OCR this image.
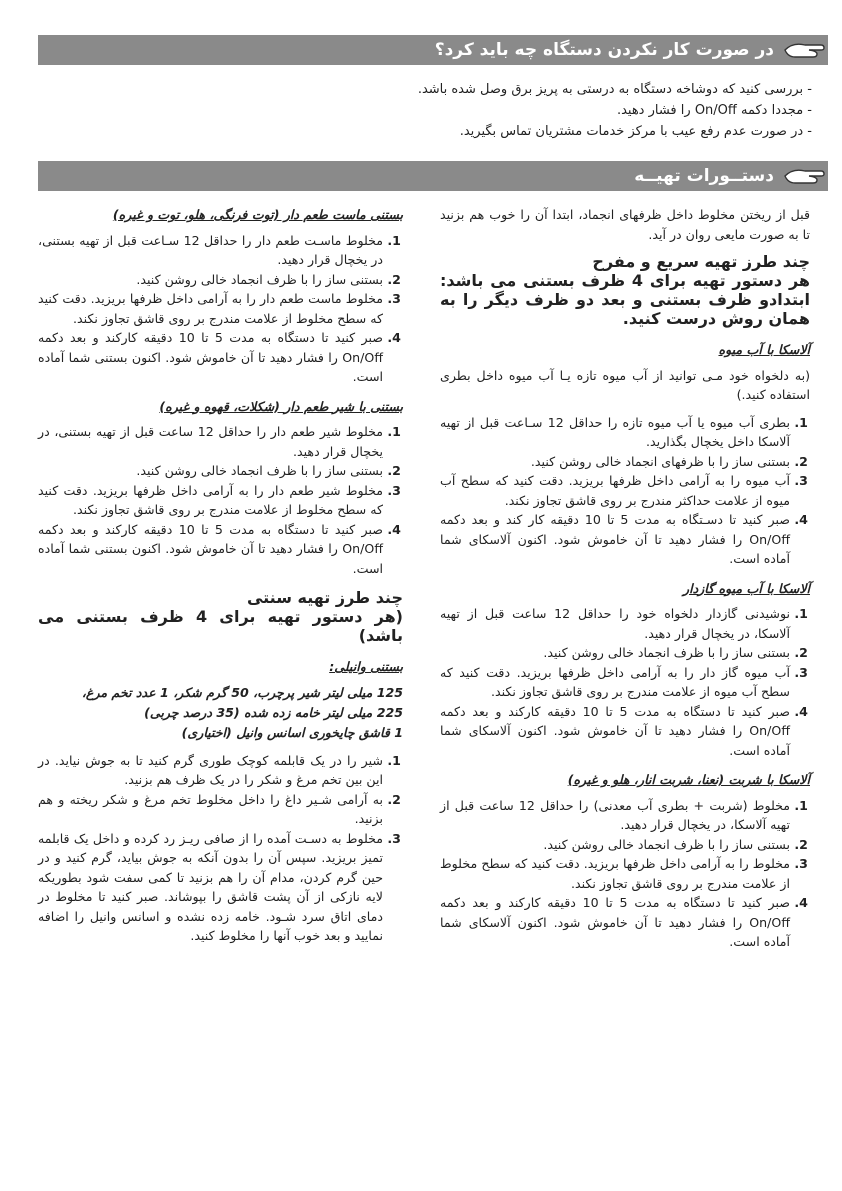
در صورت کار نکردن دستگاه چه باید کرد؟
- بررسی کنید که دوشاخه دستگاه به درستی به پریز برق وصل شده باشد.
- مجددا دکمه On/Off را فشار دهید.
- در صورت عدم رفع عیب با مرکز خدمات مشتریان تماس بگیرید.
دستــورات تهیــه

قبل از ریختن مخلوط داخل ظرفهای انجماد، ابتدا آن را خوب هم بزنید تا به صورت مایعی روان در آید.

چند طرز تهیه سریع و مفرح
هر دستور تهیه برای 4 ظرف بستنی می باشد: ابتدادو ظرف بستنی و بعد دو ظرف دیگر را به همان روش درست کنید.
آلاسکا با آب میوه

(به دلخواه خود مـی توانید از آب میوه تازه یـا آب میوه داخل بطری استفاده کنید.)

1. بطری آب میوه یا آب میوه تازه را حداقل 12 سـاعت قبل از تهیه آلاسکا داخل یخچال بگذارید.
2. بستنی ساز را با ظرفهای انجماد خالی روشن کنید.
3. آب میوه را به آرامی داخل ظرفها بریزید. دقت کنید که سطح آب میوه از علامت حداکثر مندرج بر روی قاشق تجاوز نکند.
4. صبر کنید تا دسـتگاه به مدت 5 تا 10 دقیقه کار کند و بعد دکمه On/Off را فشار دهید تا آن خاموش شود. اکنون آلاسکای شما آماده است.
آلاسکا با آب میوه گازدار
1. نوشیدنی گازدار دلخواه خود را حداقل 12 ساعت قبل از تهیه آلاسکا، در یخچال قرار دهید.
2. بستنی ساز را با ظرف انجماد خالی روشن کنید.
3. آب میوه گاز دار را به آرامی داخل ظرفها بریزید. دقت کنید که سطح آب میوه از علامت مندرج بر روی قاشق تجاوز نکند.
4. صبر کنید تا دستگاه به مدت 5 تا 10 دقیقه کارکند و بعد دکمه On/Off را فشار دهید تا آن خاموش شود. اکنون آلاسکای شما آماده است.
آلاسکا با شربت (نعنا، شربت انار، هلو و غیره)
1. مخلوط (شربت + بطری آب معدنی) را حداقل 12 ساعت قبل از تهیه آلاسکا، در یخچال قرار دهید.
2. بستنی ساز را با ظرف انجماد خالی روشن کنید.
3. مخلوط را به آرامی داخل ظرفها بریزید. دقت کنید که سطح مخلوط از علامت مندرج بر روی قاشق تجاوز نکند.
4. صبر کنید تا دستگاه به مدت 5 تا 10 دقیقه کارکند و بعد دکمه On/Off را فشار دهید تا آن خاموش شود. اکنون آلاسکای شما آماده است.
بستنی ماست طعم دار (توت فرنگی، هلو، توت و غیره)
1. مخلوط ماسـت طعم دار را حداقل 12 سـاعت قبل از تهیه بستنی، در یخچال قرار دهید.
2. بستنی ساز را با ظرف انجماد خالی روشن کنید.
3. مخلوط ماست طعم دار را به آرامی داخل ظرفها بریزید. دقت کنید که سطح مخلوط از علامت مندرج بر روی قاشق تجاوز نکند.
4. صبر کنید تا دستگاه به مدت 5 تا 10 دقیقه کارکند و بعد دکمه On/Off را فشار دهید تا آن خاموش شود. اکنون بستنی شما آماده است.
بستنی با شیر طعم دار (شکلات، قهوه و غیره)
1. مخلوط شیر طعم دار را حداقل 12 ساعت قبل از تهیه بستنی، در یخچال قرار دهید.
2. بستنی ساز را با ظرف انجماد خالی روشن کنید.
3. مخلوط شیر طعم دار را به آرامی داخل ظرفها بریزید. دقت کنید که سطح مخلوط از علامت مندرج بر روی قاشق تجاوز نکند.
4. صبر کنید تا دستگاه به مدت 5 تا 10 دقیقه کارکند و بعد دکمه On/Off را فشار دهید تا آن خاموش شود. اکنون بستنی شما آماده است.
چند طرز تهیه سنتی
(هر دستور تهیه برای 4 ظرف بستنی می باشد)
بستنی وانیلی:
125 میلی لیتر شیر پرچرب، 50 گرم شکر، 1 عدد تخم مرغ،
225 میلی لیتر خامه زده شده (35 درصد چربی)
1 قاشق چایخوری اسانس وانیل (اختیاری)
1. شیر را در یک قابلمه کوچک طوری گرم کنید تا به جوش نیاید. در این بین تخم مرغ و شکر را در یک ظرف هم بزنید.
2. به آرامی شـیر داغ را داخل مخلوط تخم مرغ و شکر ریخته و هم بزنید.
3. مخلوط به دسـت آمده را از صافی ریـز رد کرده و داخل یک قابلمه تمیز بریزید. سپس آن را بدون آنکه به جوش بیاید، گرم کنید و در حین گرم کردن، مدام آن را هم بزنید تا کمی سفت شود بطوریکه لایه نازکی از آن پشت قاشق را بپوشاند. صبر کنید تا مخلوط در دمای اتاق سرد شـود. خامه زده نشده و اسانس وانیل را اضافه نمایید و بعد خوب آنها را مخلوط کنید.
